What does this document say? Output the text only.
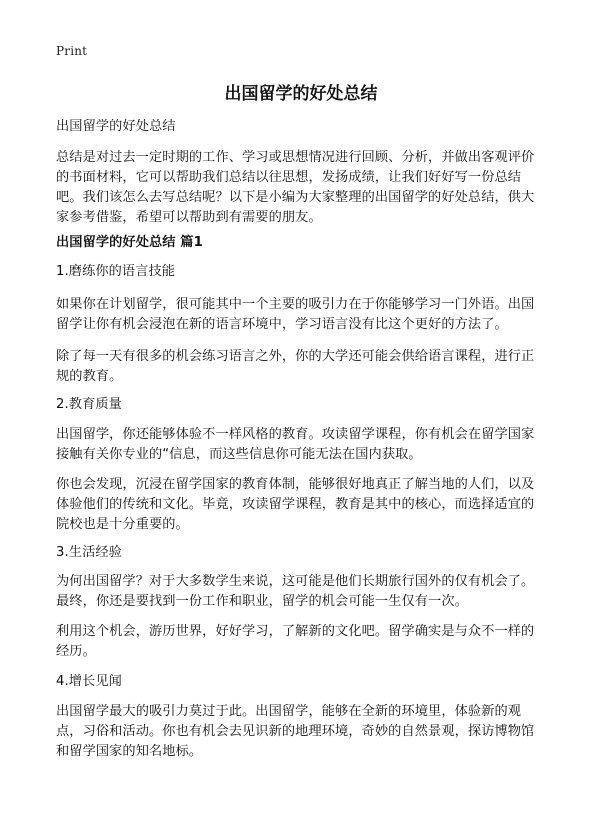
Print
出国留学的好处总结

出国留学的好处总结

总结是对过去一定时期的工作、学习或思想情况进行回顾、分析，并做出客观评价的书面材料，它可以帮助我们总结以往思想，发扬成绩，让我们好好写一份总结吧。我们该怎么去写总结呢？以下是小编为大家整理的出国留学的好处总结，供大家参考借鉴，希望可以帮助到有需要的朋友。

出国留学的好处总结 篇1

1.磨练你的语言技能

如果你在计划留学，很可能其中一个主要的吸引力在于你能够学习一门外语。出国留学让你有机会浸泡在新的语言环境中，学习语言没有比这个更好的方法了。

除了每一天有很多的机会练习语言之外，你的大学还可能会供给语言课程，进行正规的教育。

2.教育质量

出国留学，你还能够体验不一样风格的教育。攻读留学课程，你有机会在留学国家接触有关你专业的“信息，而这些信息你可能无法在国内获取。

你也会发现，沉浸在留学国家的教育体制，能够很好地真正了解当地的人们，以及体验他们的传统和文化。毕竟，攻读留学课程，教育是其中的核心，而选择适宜的院校也是十分重要的。

3.生活经验

为何出国留学？对于大多数学生来说，这可能是他们长期旅行国外的仅有机会了。最终，你还是要找到一份工作和职业，留学的机会可能一生仅有一次。

利用这个机会，游历世界，好好学习，了解新的文化吧。留学确实是与众不一样的经历。

4.增长见闻

出国留学最大的吸引力莫过于此。出国留学，能够在全新的环境里，体验新的观点，习俗和活动。你也有机会去见识新的地理环境，奇妙的自然景观，探访博物馆和留学国家的知名地标。
